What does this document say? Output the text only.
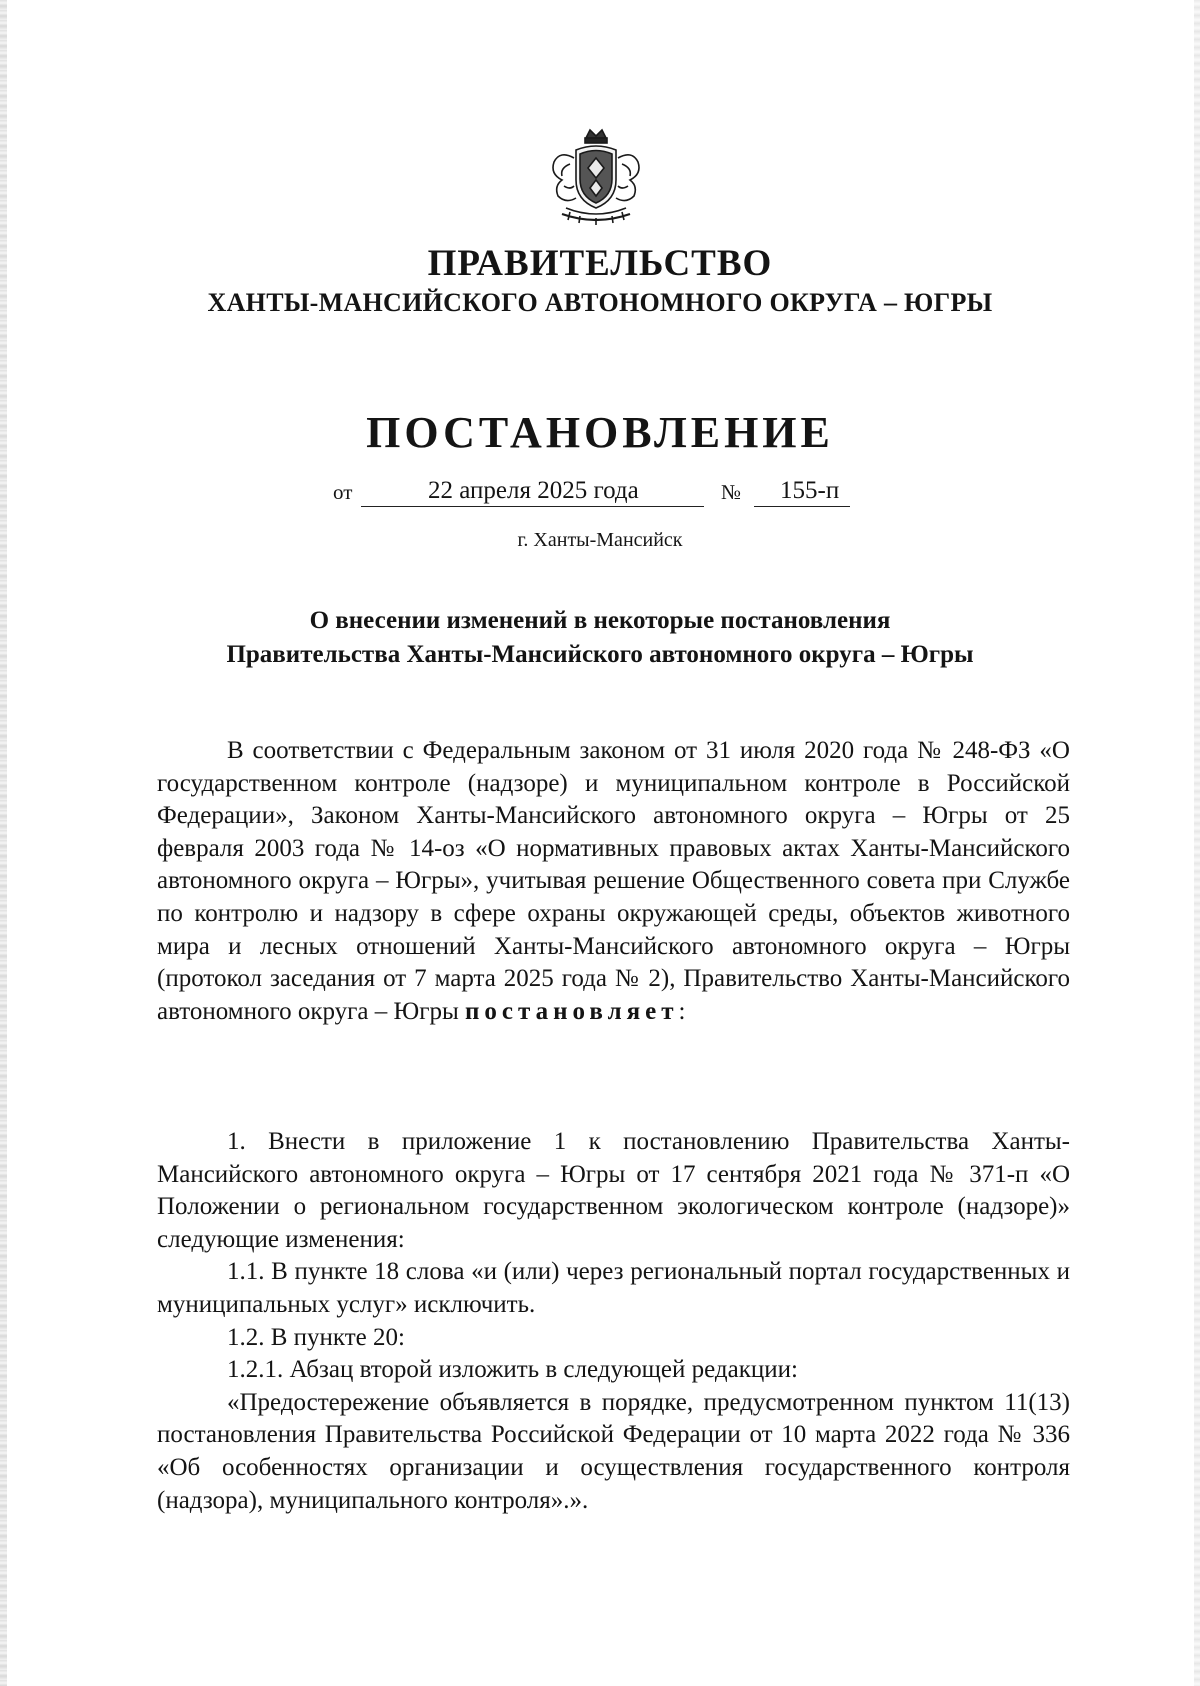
ПРАВИТЕЛЬСТВО
ХАНТЫ-МАНСИЙСКОГО АВТОНОМНОГО ОКРУГА – ЮГРЫ
ПОСТАНОВЛЕНИЕ
от	22 апреля 2025 года	№ 155-п
г. Ханты-Мансийск
О внесении изменений в некоторые постановления
Правительства Ханты-Мансийского автономного округа – Югры

В соответствии с Федеральным законом от 31 июля 2020 года № 248-ФЗ «О государственном контроле (надзоре) и муниципальном контроле в Российской Федерации», Законом Ханты-Мансийского автономного округа – Югры от 25 февраля 2003 года № 14-оз «О нормативных правовых актах Ханты-Мансийского автономного округа – Югры», учитывая решение Общественного совета при Службе по контролю и надзору в сфере охраны окружающей среды, объектов животного мира и лесных отношений Ханты-Мансийского автономного округа – Югры (протокол заседания от 7 марта 2025 года № 2), Правительство Ханты-Мансийского автономного округа – Югры постановляет:

1. Внести в приложение 1 к постановлению Правительства Ханты-Мансийского автономного округа – Югры от 17 сентября 2021 года № 371-п «О Положении о региональном государственном экологическом контроле (надзоре)» следующие изменения:

1.1. В пункте 18 слова «и (или) через региональный портал государственных и муниципальных услуг» исключить.

1.2. В пункте 20:

1.2.1. Абзац второй изложить в следующей редакции:

«Предостережение объявляется в порядке, предусмотренном пунктом 11(13) постановления Правительства Российской Федерации от 10 марта 2022 года № 336 «Об особенностях организации и осуществления государственного контроля (надзора), муниципального контроля».».
